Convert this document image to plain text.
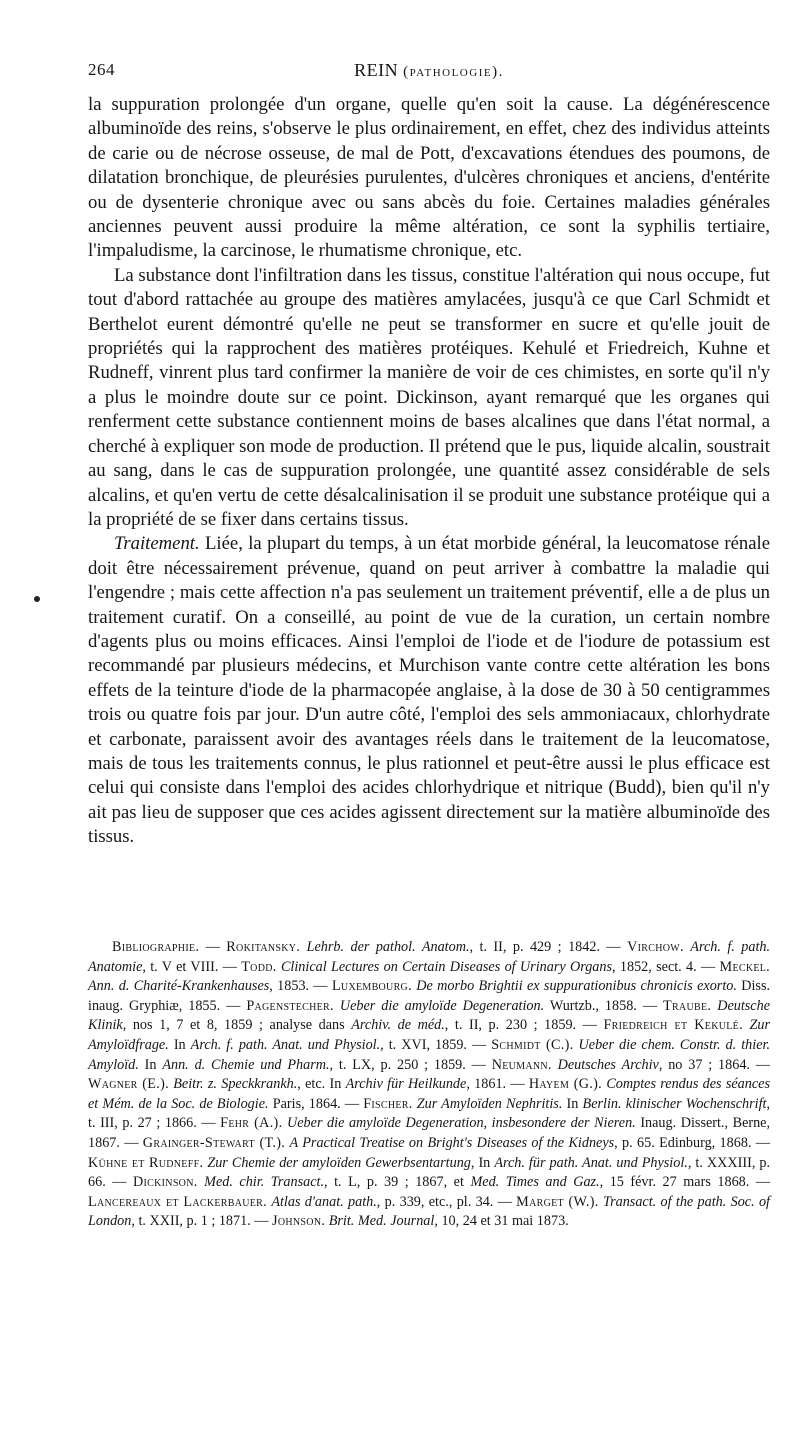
264	REIN (pathologie).

la suppuration prolongée d'un organe, quelle qu'en soit la cause. La dégénérescence albuminoïde des reins, s'observe le plus ordinairement, en effet, chez des individus atteints de carie ou de nécrose osseuse, de mal de Pott, d'excavations étendues des poumons, de dilatation bronchique, de pleurésies purulentes, d'ulcères chroniques et anciens, d'entérite ou de dysenterie chronique avec ou sans abcès du foie. Certaines maladies générales anciennes peuvent aussi produire la même altération, ce sont la syphilis tertiaire, l'impaludisme, la carcinose, le rhumatisme chronique, etc.

La substance dont l'infiltration dans les tissus, constitue l'altération qui nous occupe, fut tout d'abord rattachée au groupe des matières amylacées, jusqu'à ce que Carl Schmidt et Berthelot eurent démontré qu'elle ne peut se transformer en sucre et qu'elle jouit de propriétés qui la rapprochent des matières protéiques. Kehulé et Friedreich, Kuhne et Rudneff, vinrent plus tard confirmer la manière de voir de ces chimistes, en sorte qu'il n'y a plus le moindre doute sur ce point. Dickinson, ayant remarqué que les organes qui renferment cette substance contiennent moins de bases alcalines que dans l'état normal, a cherché à expliquer son mode de production. Il prétend que le pus, liquide alcalin, soustrait au sang, dans le cas de suppuration prolongée, une quantité assez considérable de sels alcalins, et qu'en vertu de cette désalcalinisation il se produit une substance protéique qui a la propriété de se fixer dans certains tissus.

Traitement. Liée, la plupart du temps, à un état morbide général, la leucomatose rénale doit être nécessairement prévenue, quand on peut arriver à combattre la maladie qui l'engendre ; mais cette affection n'a pas seulement un traitement préventif, elle a de plus un traitement curatif. On a conseillé, au point de vue de la curation, un certain nombre d'agents plus ou moins efficaces. Ainsi l'emploi de l'iode et de l'iodure de potassium est recommandé par plusieurs médecins, et Murchison vante contre cette altération les bons effets de la teinture d'iode de la pharmacopée anglaise, à la dose de 30 à 50 centigrammes trois ou quatre fois par jour. D'un autre côté, l'emploi des sels ammoniacaux, chlorhydrate et carbonate, paraissent avoir des avantages réels dans le traitement de la leucomatose, mais de tous les traitements connus, le plus rationnel et peut-être aussi le plus efficace est celui qui consiste dans l'emploi des acides chlorhydrique et nitrique (Budd), bien qu'il n'y ait pas lieu de supposer que ces acides agissent directement sur la matière albuminoïde des tissus.

Bibliographie. — Rokitansky. Lehrb. der pathol. Anatom., t. II, p. 429 ; 1842. — Virchow. Arch. f. path. Anatomie, t. V et VIII. — Todd. Clinical Lectures on Certain Diseases of Urinary Organs, 1852, sect. 4. — Meckel. Ann. d. Charité-Krankenhauses, 1853. — Luxembourg. De morbo Brightii ex suppurationibus chronicis exorto. Diss. inaug. Gryphiæ, 1855. — Pagenstecher. Ueber die amyloïde Degeneration. Wurtzb., 1858. — Traube. Deutsche Klinik, nos 1, 7 et 8, 1859 ; analyse dans Archiv. de méd., t. II, p. 230 ; 1859. — Friedreich et Kekulé. Zur Amyloïdfrage. In Arch. f. path. Anat. und Physiol., t. XVI, 1859. — Schmidt (C.). Ueber die chem. Constr. d. thier. Amyloïd. In Ann. d. Chemie und Pharm., t. LX, p. 250 ; 1859. — Neumann. Deutsches Archiv, no 37 ; 1864. — Wagner (E.). Beitr. z. Speckkrankh., etc. In Archiv für Heilkunde, 1861. — Hayem (G.). Comptes rendus des séances et Mém. de la Soc. de Biologie. Paris, 1864. — Fischer. Zur Amyloïden Nephritis. In Berlin. klinischer Wochenschrift, t. III, p. 27 ; 1866. — Fehr (A.). Ueber die amyloïde Degeneration, insbesondere der Nieren. Inaug. Dissert., Berne, 1867. — Grainger-Stewart (T.). A Practical Treatise on Bright's Diseases of the Kidneys, p. 65. Edinburg, 1868. — Kühne et Rudneff. Zur Chemie der amyloïden Gewerbsentartung, In Arch. für path. Anat. und Physiol., t. XXXIII, p. 66. — Dickinson. Med. chir. Transact., t. L, p. 39 ; 1867, et Med. Times and Gaz., 15 févr. 27 mars 1868. — Lancereaux et Lackerbauer. Atlas d'anat. path., p. 339, etc., pl. 34. — Marget (W.). Transact. of the path. Soc. of London, t. XXII, p. 1 ; 1871. — Johnson. Brit. Med. Journal, 10, 24 et 31 mai 1873.
